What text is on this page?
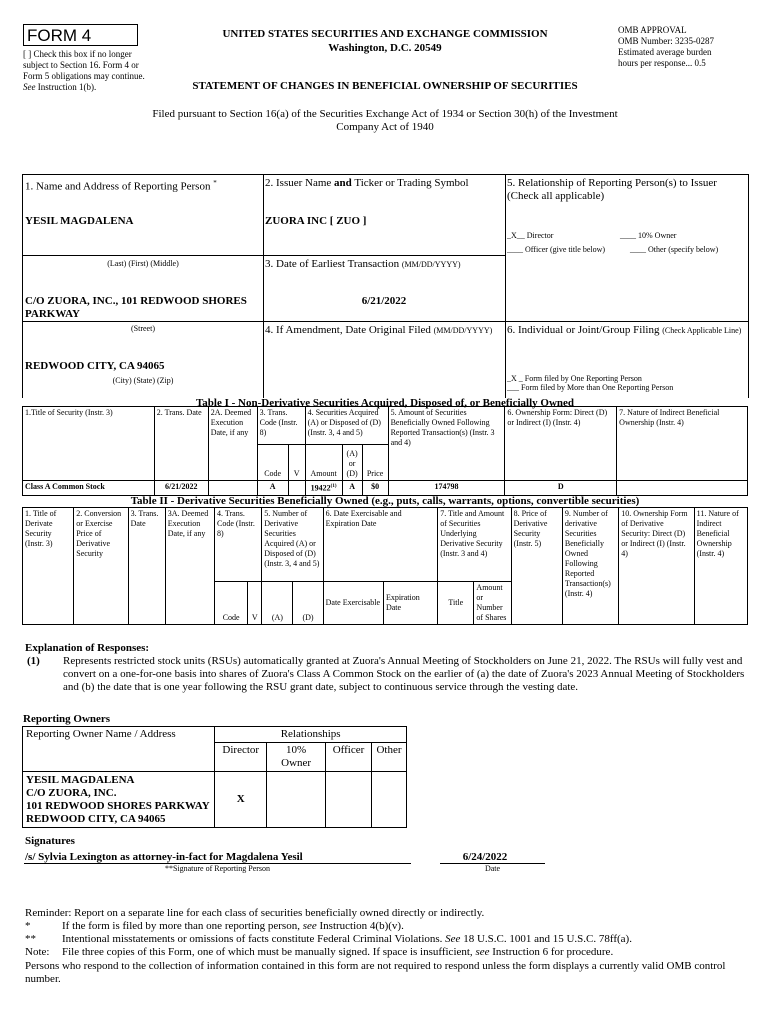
FORM 4
[ ] Check this box if no longer subject to Section 16. Form 4 or Form 5 obligations may continue. See Instruction 1(b).
UNITED STATES SECURITIES AND EXCHANGE COMMISSION
Washington, D.C. 20549
STATEMENT OF CHANGES IN BENEFICIAL OWNERSHIP OF SECURITIES
OMB APPROVAL
OMB Number: 3235-0287
Estimated average burden
hours per response... 0.5
Filed pursuant to Section 16(a) of the Securities Exchange Act of 1934 or Section 30(h) of the Investment Company Act of 1940
1. Name and Address of Reporting Person *
YESIL MAGDALENA
(Last) (First) (Middle)
C/O ZUORA, INC., 101 REDWOOD SHORES PARKWAY
(Street)
REDWOOD CITY, CA 94065
(City) (State) (Zip)
2. Issuer Name and Ticker or Trading Symbol
ZUORA INC [ ZUO ]
3. Date of Earliest Transaction (MM/DD/YYYY)
6/21/2022
4. If Amendment, Date Original Filed (MM/DD/YYYY)
5. Relationship of Reporting Person(s) to Issuer (Check all applicable)
_X__ Director	____ 10% Owner
____ Officer (give title below)	____ Other (specify below)
6. Individual or Joint/Group Filing (Check Applicable Line)
_X _ Form filed by One Reporting Person
___ Form filed by More than One Reporting Person
Table I - Non-Derivative Securities Acquired, Disposed of, or Beneficially Owned
1.Title of Security (Instr. 3)	2. Trans. Date	2A. Deemed Execution Date, if any	3. Trans. Code (Instr. 8)		4. Securities Acquired (A) or Disposed of (D) (Instr. 3, 4 and 5)			5. Amount of Securities Beneficially Owned Following Reported Transaction(s) (Instr. 3 and 4)	6. Ownership Form: Direct (D) or Indirect (I) (Instr. 4)	7. Nature of Indirect Beneficial Ownership (Instr. 4)
			Code	V	Amount	(A) or (D)	Price			
Class A Common Stock	6/21/2022		A		19422$^{(1)}$	A	$0	174798	D	
Table II - Derivative Securities Beneficially Owned (e.g., puts, calls, warrants, options, convertible securities)
1. Title of Derivate Security (Instr. 3)	2. Conversion or Exercise Price of Derivative Security	3. Trans. Date	3A. Deemed Execution Date, if any	4. Trans. Code (Instr. 8)		5. Number of Derivative Securities Acquired (A) or Disposed of (D) (Instr. 3, 4 and 5)		6. Date Exercisable and Expiration Date		7. Title and Amount of Securities Underlying Derivative Security (Instr. 3 and 4)		8. Price of Derivative Security (Instr. 5)	9. Number of derivative Securities Beneficially Owned Following Reported Transaction(s) (Instr. 4)	10. Ownership Form of Derivative Security: Direct (D) or Indirect (I) (Instr. 4)	11. Nature of Indirect Beneficial Ownership (Instr. 4)
				Code	V	(A)	(D)	Date Exercisable	Expiration Date	Title	Amount or Number of Shares				
Explanation of Responses:
(1) Represents restricted stock units (RSUs) automatically granted at Zuora's Annual Meeting of Stockholders on June 21, 2022. The RSUs will fully vest and convert on a one-for-one basis into shares of Zuora's Class A Common Stock on the earlier of (a) the date of Zuora's 2023 Annual Meeting of Stockholders and (b) the date that is one year following the RSU grant date, subject to continuous service through the vesting date.
Reporting Owners
Reporting Owner Name / Address	Relationships			
	Director	10% Owner	Officer	Other

YESIL MAGDALENA
C/O ZUORA, INC.
101 REDWOOD SHORES PARKWAY
REDWOOD CITY, CA 94065	X			
Signatures
/s/ Sylvia Lexington as attorney-in-fact for Magdalena Yesil
**Signature of Reporting Person
6/24/2022
Date
Reminder: Report on a separate line for each class of securities beneficially owned directly or indirectly.
*	If the form is filed by more than one reporting person, see Instruction 4(b)(v).
** Intentional misstatements or omissions of facts constitute Federal Criminal Violations. See 18 U.S.C. 1001 and 15 U.S.C. 78ff(a).
Note: File three copies of this Form, one of which must be manually signed. If space is insufficient, see Instruction 6 for procedure.
Persons who respond to the collection of information contained in this form are not required to respond unless the form displays a currently valid OMB control number.
